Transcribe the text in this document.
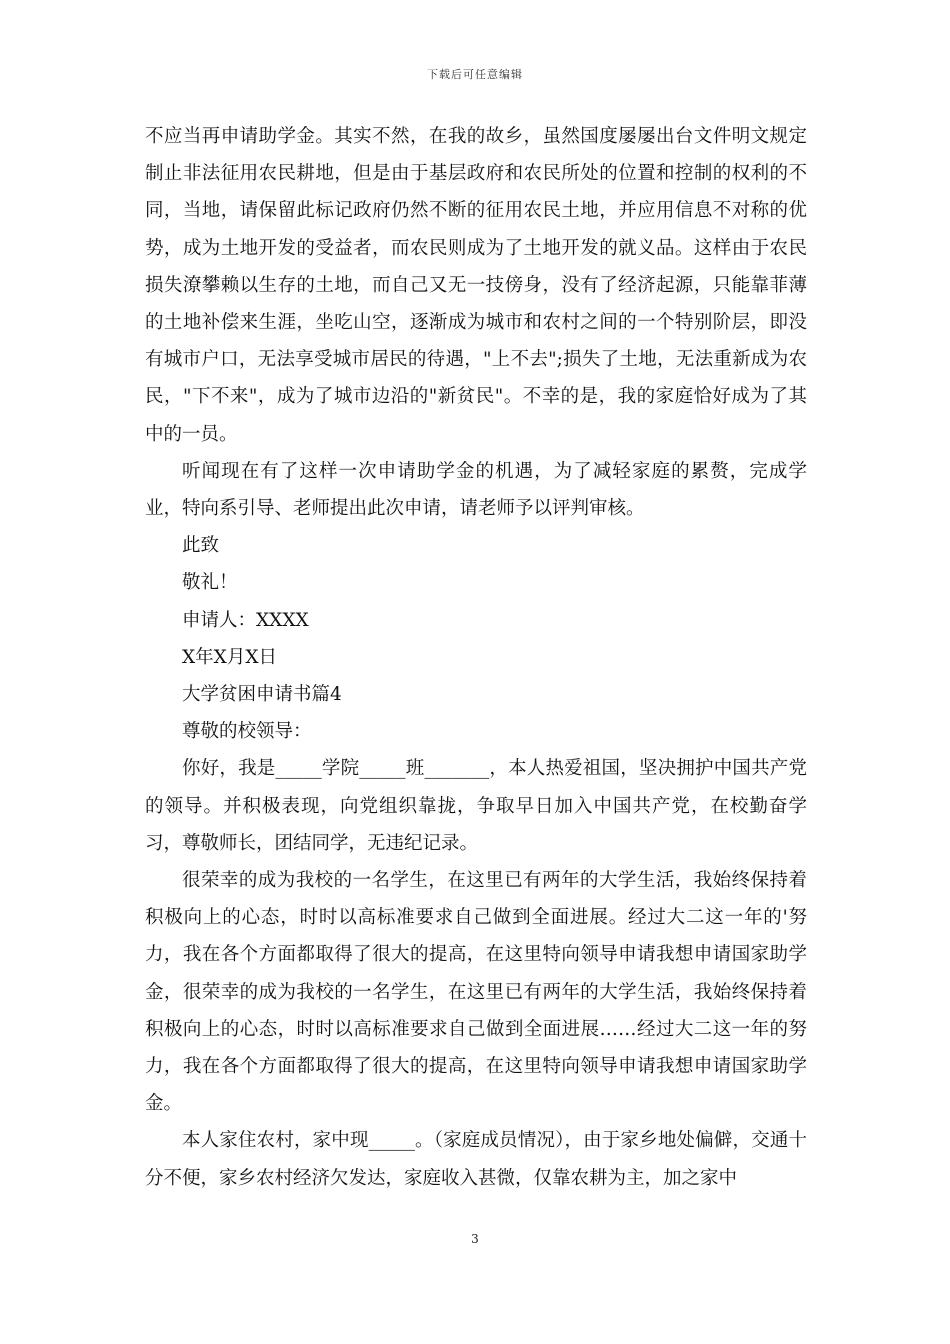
下载后可任意编辑

不应当再申请助学金。其实不然，在我的故乡，虽然国度屡屡出台文件明文规定制止非法征用农民耕地，但是由于基层政府和农民所处的位置和控制的权利的不同，当地，请保留此标记政府仍然不断的征用农民土地，并应用信息不对称的优势，成为土地开发的受益者，而农民则成为了土地开发的就义品。这样由于农民损失潦攀赖以生存的土地，而自己又无一技傍身，没有了经济起源，只能靠菲薄的土地补偿来生涯，坐吃山空，逐渐成为城市和农村之间的一个特别阶层，即没有城市户口，无法享受城市居民的待遇，"上不去";损失了土地，无法重新成为农民，"下不来"，成为了城市边沿的"新贫民"。不幸的是，我的家庭恰好成为了其中的一员。

听闻现在有了这样一次申请助学金的机遇，为了减轻家庭的累赘，完成学业，特向系引导、老师提出此次申请，请老师予以评判审核。

此致

敬礼！

申请人：XXXX

X年X月X日

大学贫困申请书篇4

尊敬的校领导：

你好，我是_____学院_____班_______，本人热爱祖国，坚决拥护中国共产党的领导。并积极表现，向党组织靠拢，争取早日加入中国共产党，在校勤奋学习，尊敬师长，团结同学，无违纪记录。

很荣幸的成为我校的一名学生，在这里已有两年的大学生活，我始终保持着积极向上的心态，时时以高标准要求自己做到全面进展。经过大二这一年的'努力，我在各个方面都取得了很大的提高，在这里特向领导申请我想申请国家助学金，很荣幸的成为我校的一名学生，在这里已有两年的大学生活，我始终保持着积极向上的心态，时时以高标准要求自己做到全面进展……经过大二这一年的努力，我在各个方面都取得了很大的提高，在这里特向领导申请我想申请国家助学金。

本人家住农村，家中现_____。（家庭成员情况），由于家乡地处偏僻，交通十分不便，家乡农村经济欠发达，家庭收入甚微，仅靠农耕为主，加之家中

3
